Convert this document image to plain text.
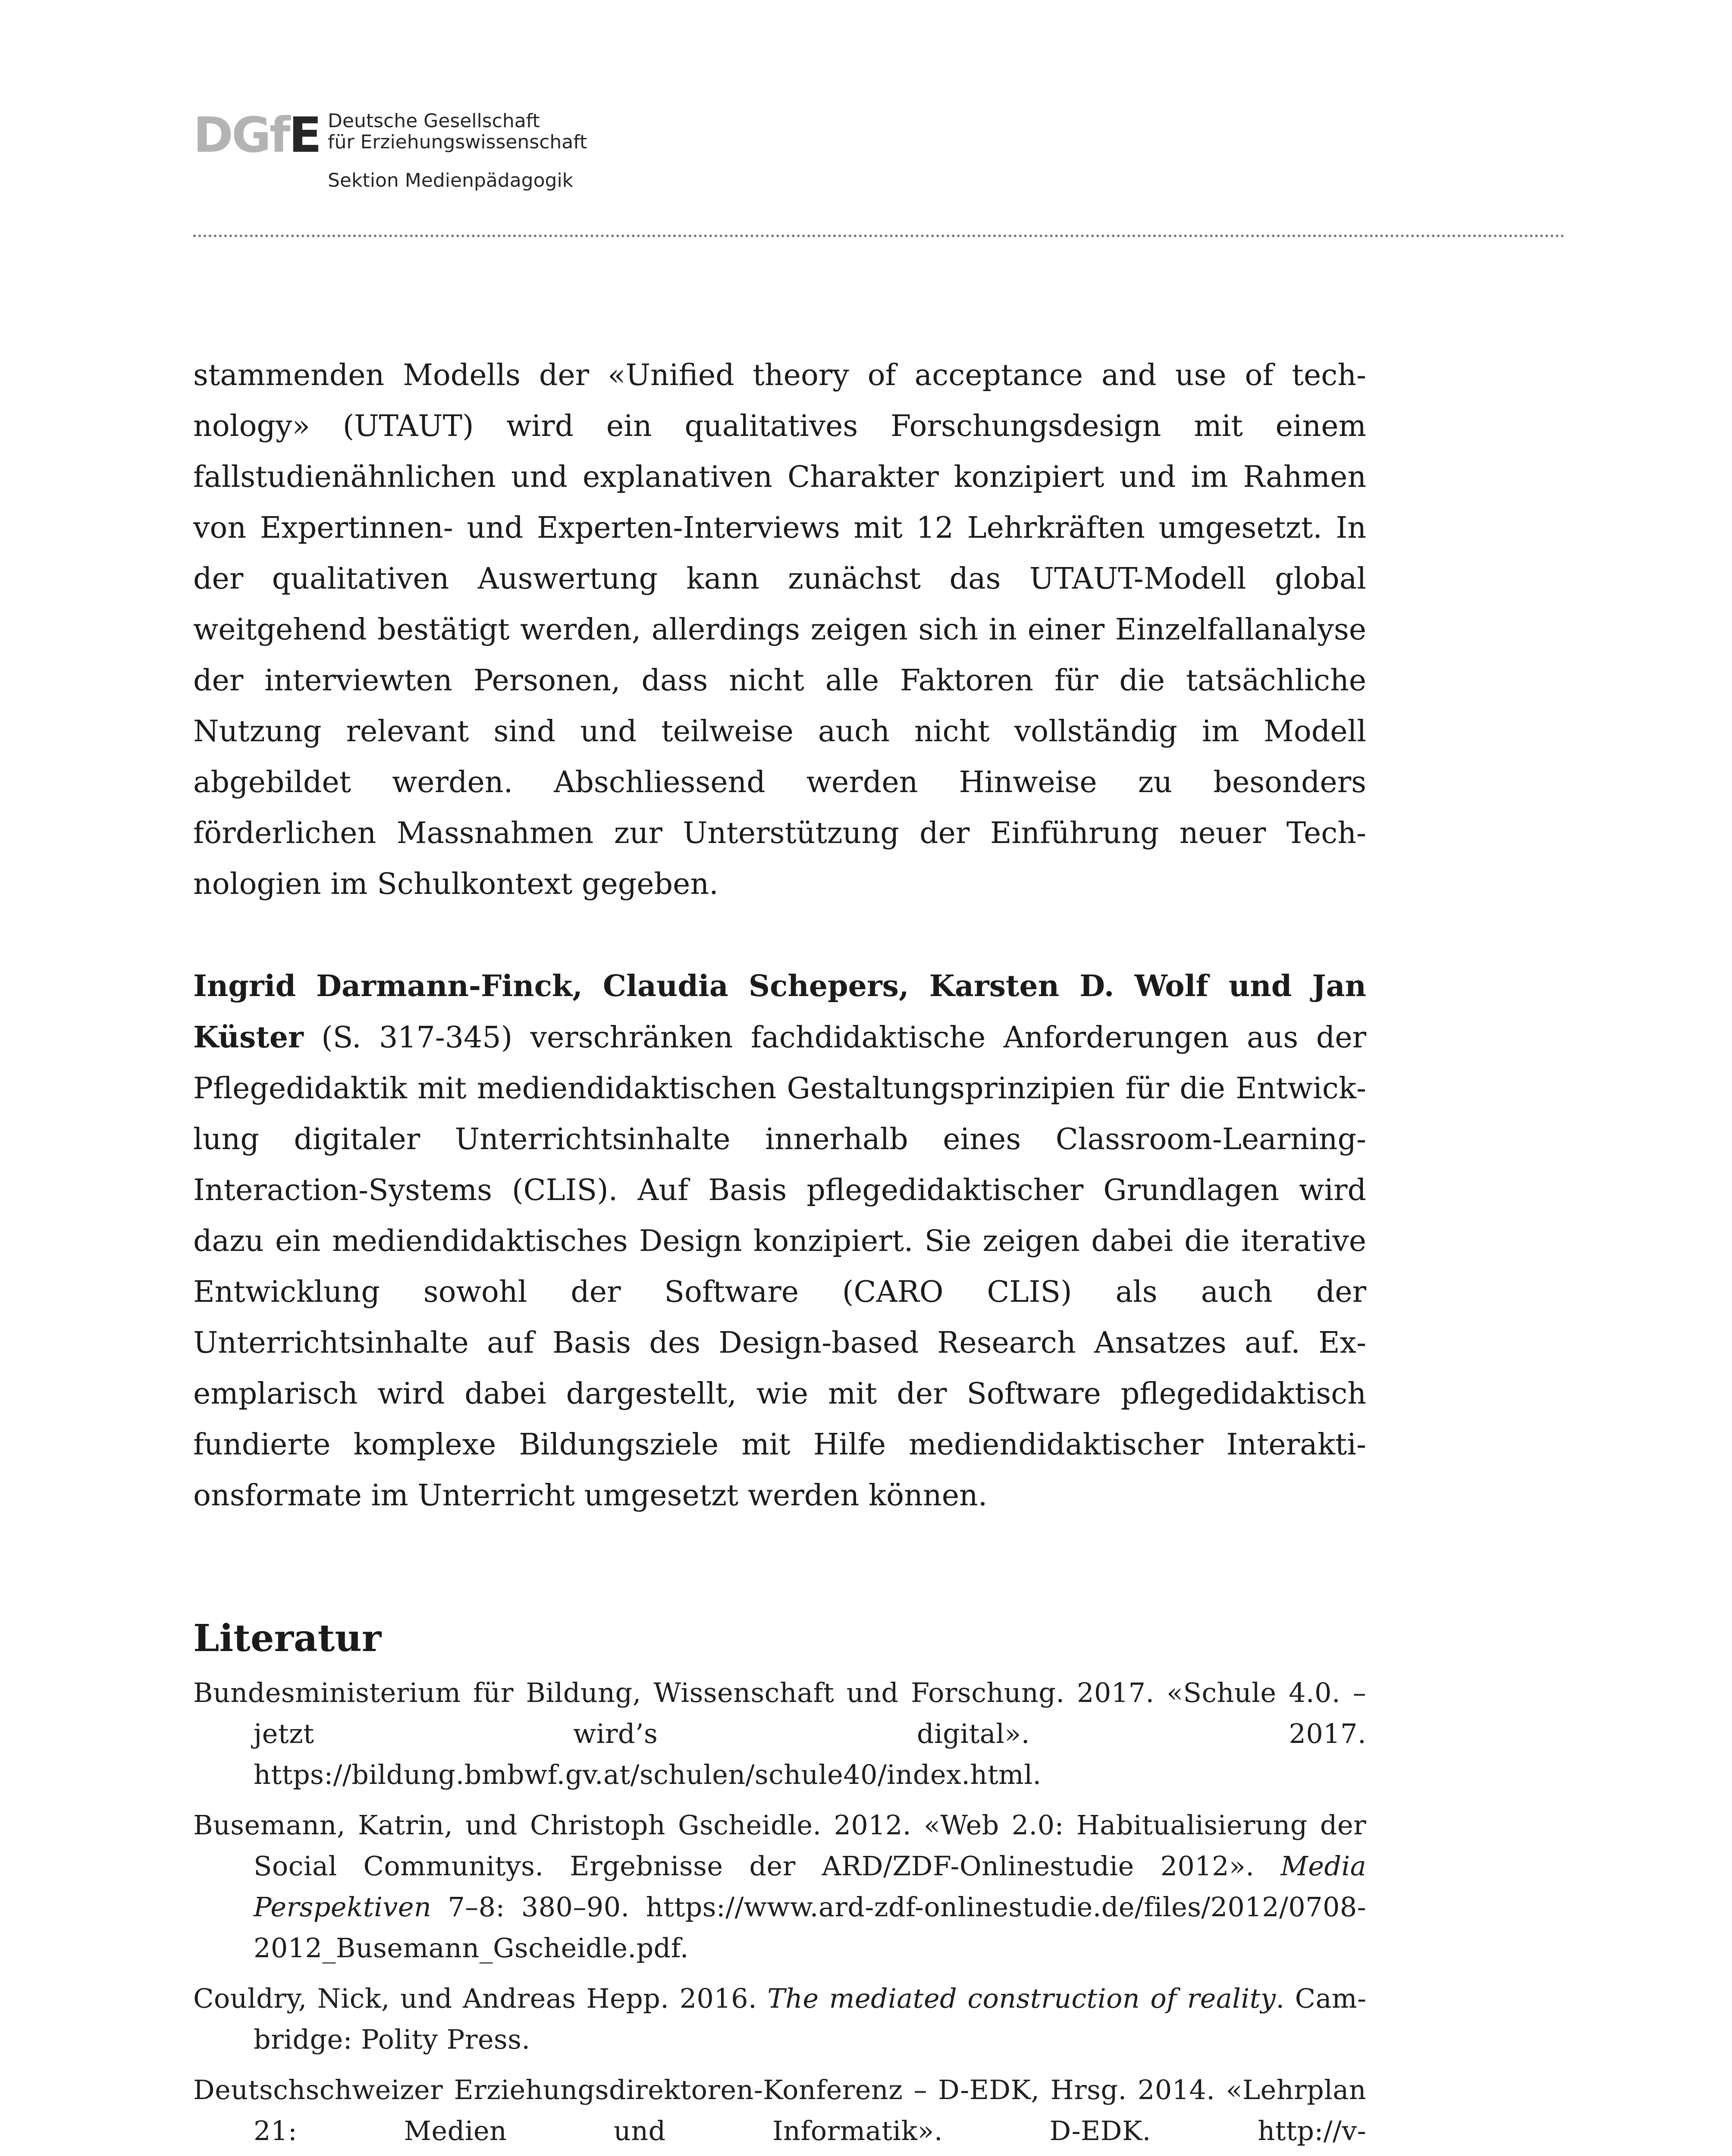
DGfE Deutsche Gesellschaft
für Erziehungswissenschaft
Sektion Medienpädagogik

stammenden Modells der «Unified theory of acceptance and use of technology» (UTAUT) wird ein qualitatives Forschungsdesign mit einem fallstudienähnlichen und explanativen Charakter konzipiert und im Rahmen von Expertinnen- und Experten-Interviews mit 12 Lehrkräften umgesetzt. In der qualitativen Auswertung kann zunächst das UTAUT-Modell global weitgehend bestätigt werden, allerdings zeigen sich in einer Einzelfallanalyse der interviewten Personen, dass nicht alle Faktoren für die tatsächliche Nutzung relevant sind und teilweise auch nicht vollständig im Modell abgebildet werden. Abschliessend werden Hinweise zu besonders förderlichen Massnahmen zur Unterstützung der Einführung neuer Technologien im Schulkontext gegeben.

Ingrid Darmann-Finck, Claudia Schepers, Karsten D. Wolf und Jan Küster (S. 317-345) verschränken fachdidaktische Anforderungen aus der Pflegedidaktik mit mediendidaktischen Gestaltungsprinzipien für die Entwicklung digitaler Unterrichtsinhalte innerhalb eines Classroom-Learning-Interaction-Systems (CLIS). Auf Basis pflegedidaktischer Grundlagen wird dazu ein mediendidaktisches Design konzipiert. Sie zeigen dabei die iterative Entwicklung sowohl der Software (CARO CLIS) als auch der Unterrichtsinhalte auf Basis des Design-based Research Ansatzes auf. Exemplarisch wird dabei dargestellt, wie mit der Software pflegedidaktisch fundierte komplexe Bildungsziele mit Hilfe mediendidaktischer Interaktionsformate im Unterricht umgesetzt werden können.

Literatur

Bundesministerium für Bildung, Wissenschaft und Forschung. 2017. «Schule 4.0. – jetzt wird’s digital». 2017. https://bildung.bmbwf.gv.at/schulen/schule40/index.html.

Busemann, Katrin, und Christoph Gscheidle. 2012. «Web 2.0: Habitualisierung der Social Communitys. Ergebnisse der ARD/ZDF-Onlinestudie 2012». Media Perspektiven 7–8: 380–90. https://www.ard-zdf-onlinestudie.de/files/2012/0708-2012_Busemann_Gscheidle.pdf.

Couldry, Nick, und Andreas Hepp. 2016. The mediated construction of reality. Cambridge: Polity Press.

Deutschschweizer Erziehungsdirektoren-Konferenz – D-EDK, Hrsg. 2014. «Lehrplan 21: Medien und Informatik». D-EDK. http://v-
